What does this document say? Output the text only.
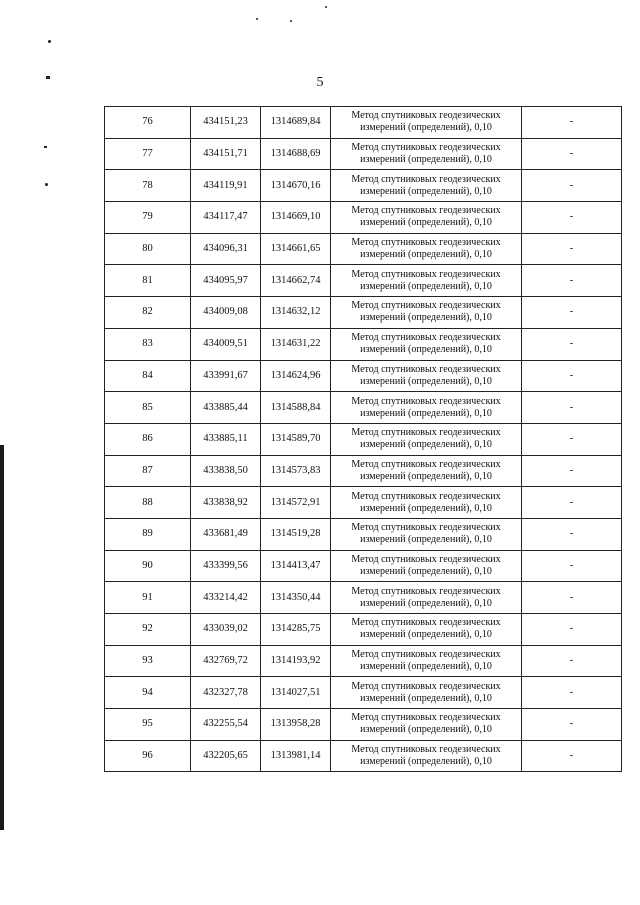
5
76	434151,23	1314689,84	Метод спутниковых геодезических
измерений (определений), 0,10	-
77	434151,71	1314688,69	Метод спутниковых геодезических
измерений (определений), 0,10	-
78	434119,91	1314670,16	Метод спутниковых геодезических
измерений (определений), 0,10	-
79	434117,47	1314669,10	Метод спутниковых геодезических
измерений (определений), 0,10	-
80	434096,31	1314661,65	Метод спутниковых геодезических
измерений (определений), 0,10	-
81	434095,97	1314662,74	Метод спутниковых геодезических
измерений (определений), 0,10	-
82	434009,08	1314632,12	Метод спутниковых геодезических
измерений (определений), 0,10	-
83	434009,51	1314631,22	Метод спутниковых геодезических
измерений (определений), 0,10	-
84	433991,67	1314624,96	Метод спутниковых геодезических
измерений (определений), 0,10	-
85	433885,44	1314588,84	Метод спутниковых геодезических
измерений (определений), 0,10	-
86	433885,11	1314589,70	Метод спутниковых геодезических
измерений (определений), 0,10	-
87	433838,50	1314573,83	Метод спутниковых геодезических
измерений (определений), 0,10	-
88	433838,92	1314572,91	Метод спутниковых геодезических
измерений (определений), 0,10	-
89	433681,49	1314519,28	Метод спутниковых геодезических
измерений (определений), 0,10	-
90	433399,56	1314413,47	Метод спутниковых геодезических
измерений (определений), 0,10	-
91	433214,42	1314350,44	Метод спутниковых геодезических
измерений (определений), 0,10	-
92	433039,02	1314285,75	Метод спутниковых геодезических
измерений (определений), 0,10	-
93	432769,72	1314193,92	Метод спутниковых геодезических
измерений (определений), 0,10	-
94	432327,78	1314027,51	Метод спутниковых геодезических
измерений (определений), 0,10	-
95	432255,54	1313958,28	Метод спутниковых геодезических
измерений (определений), 0,10	-
96	432205,65	1313981,14	Метод спутниковых геодезических
измерений (определений), 0,10	-
